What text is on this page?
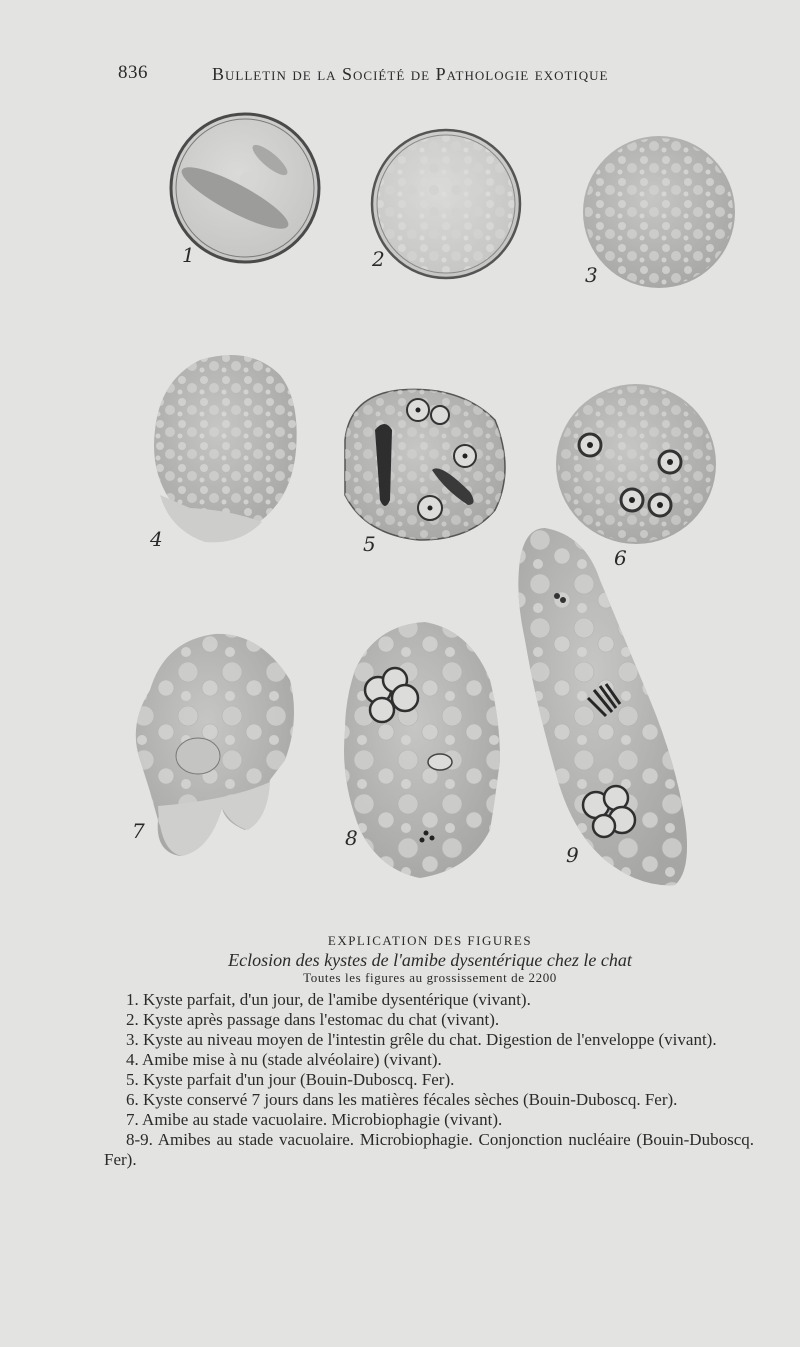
836	Bulletin de la Société de Pathologie exotique
1	2
3
4	5
6
7	8
9
EXPLICATION DES FIGURES
Eclosion des kystes de l'amibe dysentérique chez le chat
Toutes les figures au grossissement de 2200

1. Kyste parfait, d'un jour, de l'amibe dysentérique (vivant).

2. Kyste après passage dans l'estomac du chat (vivant).

3. Kyste au niveau moyen de l'intestin grêle du chat. Digestion de l'enveloppe (vivant).

4. Amibe mise à nu (stade alvéolaire) (vivant).

5. Kyste parfait d'un jour (Bouin-Duboscq. Fer).

6. Kyste conservé 7 jours dans les matières fécales sèches (Bouin-Duboscq. Fer).

7. Amibe au stade vacuolaire. Microbiophagie (vivant).

8-9. Amibes au stade vacuolaire. Microbiophagie. Conjonction nucléaire (Bouin-Duboscq. Fer).
